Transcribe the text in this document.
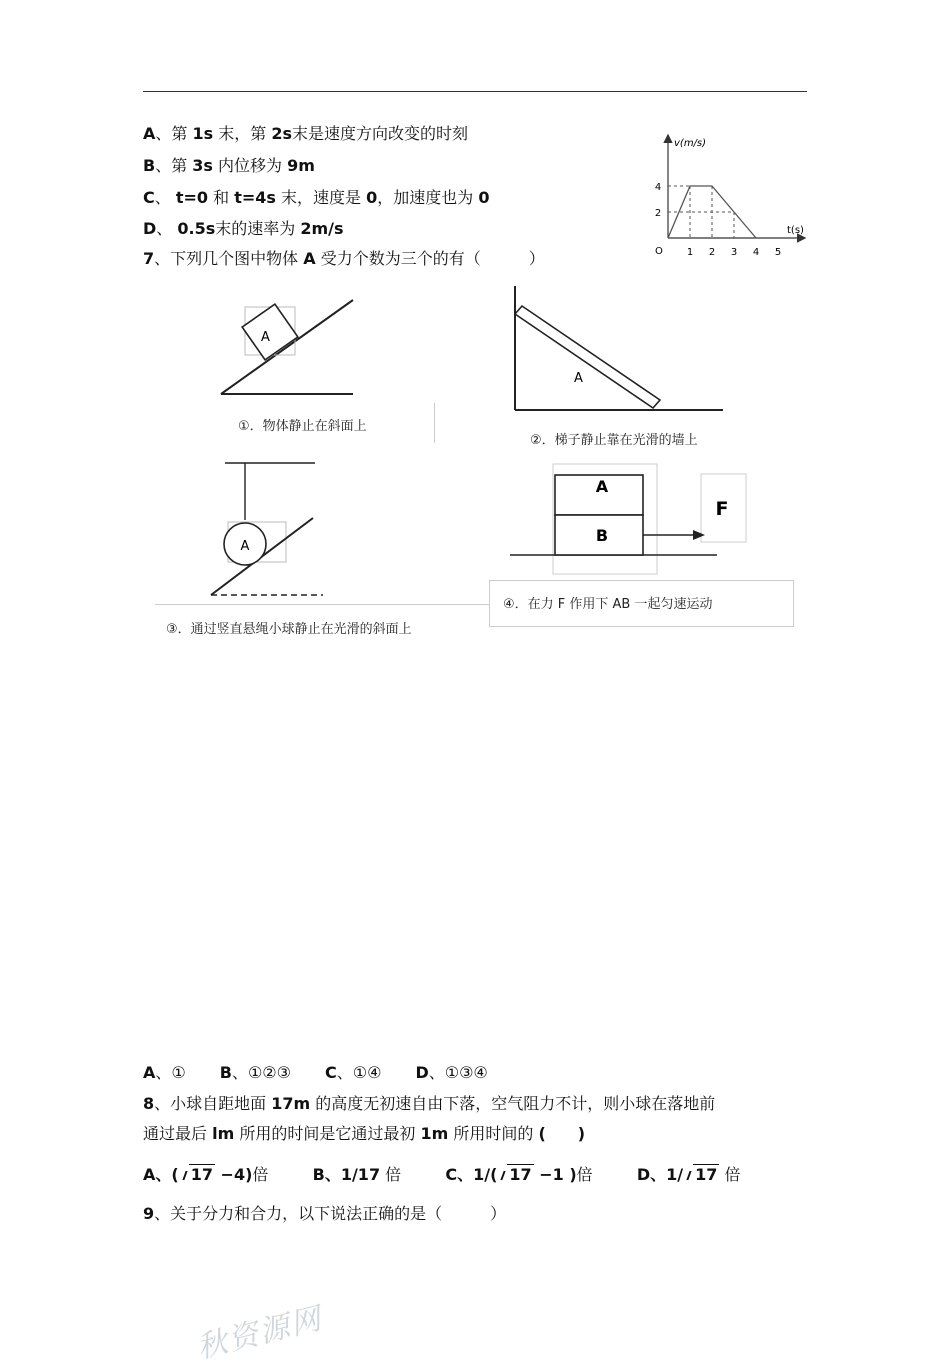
A、第 1s 末，第 2s末是速度方向改变的时刻
B、第 3s 内位移为 9m
C、 t=0 和 t=4s 末，速度是 0，加速度也为 0
D、 0.5s末的速率为 2m/s
1 2 3 4 5
4
2
v(m/s)
t(s)
O
7、下列几个图中物体 A 受力个数为三个的有（　　　）
A
①．物体静止在斜面上
A
②．梯子静止靠在光滑的墙上
A
③．通过竖直悬绳小球静止在光滑的斜面上
A
B
F
④．在力 F 作用下 AB 一起匀速运动
A、① B、①②③ C、①④ D、①③④
8、小球自距地面 17m 的高度无初速自由下落，空气阻力不计，则小球在落地前
通过最后 lm 所用的时间是它通过最初 1m 所用时间的 (　　)
A、( 17 −4)倍	B、1/17 倍	C、1/( 17 −1 )倍	D、1/ 17 倍
9、关于分力和合力，以下说法正确的是（　　　）
秋资源网
